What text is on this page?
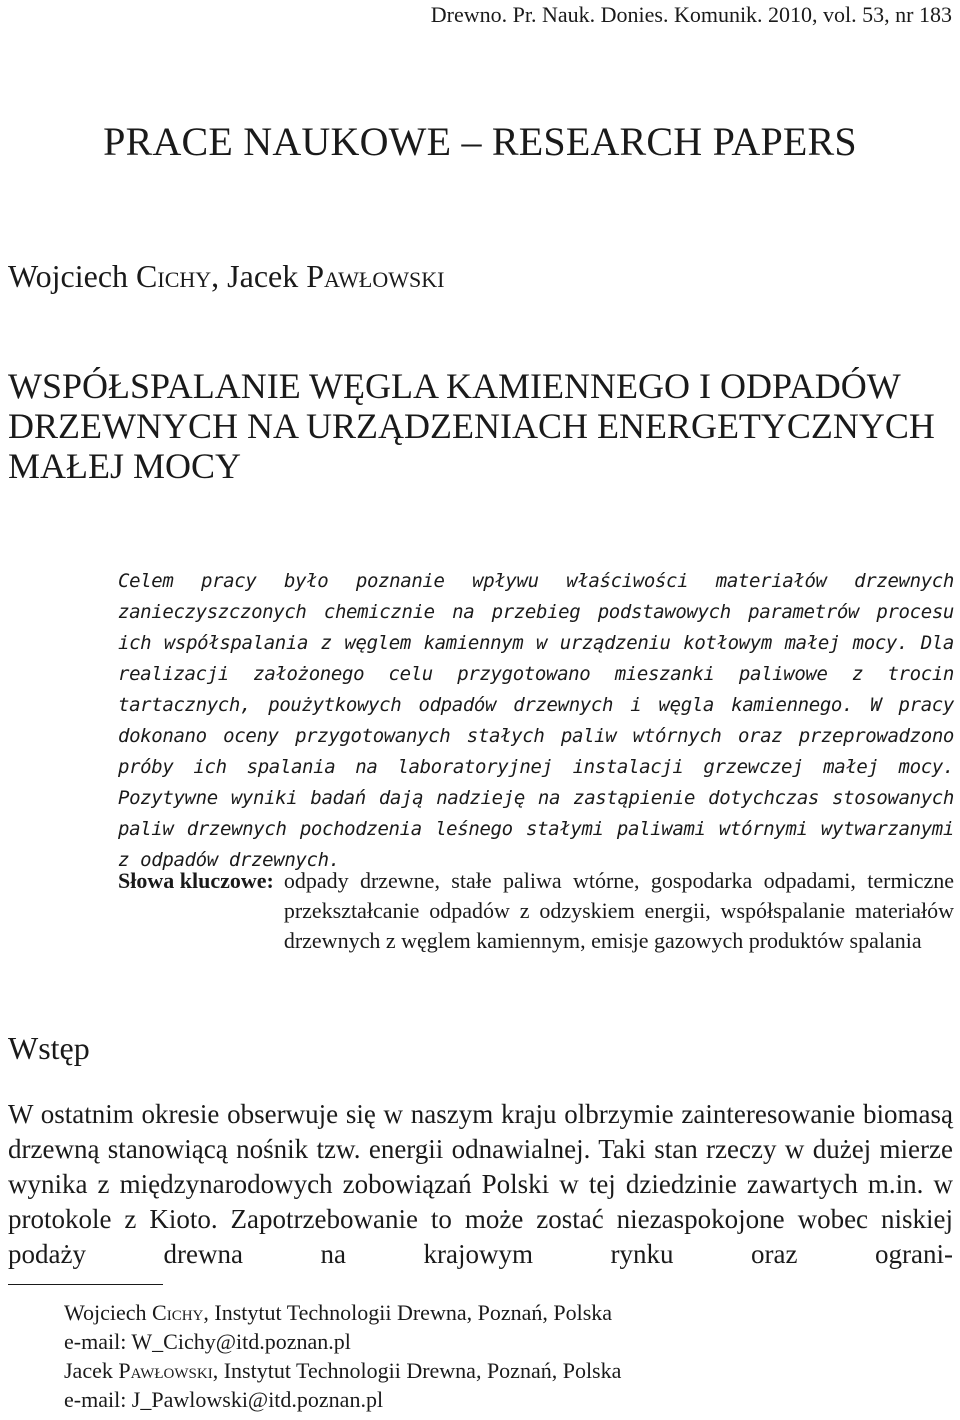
Drewno. Pr. Nauk. Donies. Komunik. 2010, vol. 53, nr 183
PRACE NAUKOWE – RESEARCH PAPERS
Wojciech Cichy, Jacek Pawłowski
WSPÓŁSPALANIE WĘGLA KAMIENNEGO I ODPADÓW
DRZEWNYCH NA URZĄDZENIACH ENERGETYCZNYCH
MAŁEJ MOCY

Celem pracy było poznanie wpływu właściwości materiałów drzewnych zanieczyszczonych chemicznie na przebieg podstawowych parametrów procesu ich współspalania z węglem kamiennym w urządzeniu kotłowym małej mocy. Dla realizacji założonego celu przygotowano mieszanki paliwowe z trocin tartacznych, poużytkowych odpadów drzewnych i węgla kamiennego. W pracy dokonano oceny przygotowanych stałych paliw wtórnych oraz przeprowadzono próby ich spalania na laboratoryjnej instalacji grzewczej małej mocy. Pozytywne wyniki badań dają nadzieję na zastąpienie dotychczas stosowanych paliw drzewnych pochodzenia leśnego stałymi paliwami wtórnymi wytwarzanymi z odpadów drzewnych.

Słowa kluczowe: odpady drzewne, stałe paliwa wtórne, gospodarka odpadami, termiczne przekształcanie odpadów z odzyskiem energii, współspalanie materiałów drzewnych z węglem kamiennym, emisje gazowych produktów spalania
Wstęp

W ostatnim okresie obserwuje się w naszym kraju olbrzymie zainteresowanie biomasą drzewną stanowiącą nośnik tzw. energii odnawialnej. Taki stan rzeczy w dużej mierze wynika z międzynarodowych zobowiązań Polski w tej dziedzinie zawartych m.in. w protokole z Kioto. Zapotrzebowanie to może zostać niezaspokojone wobec niskiej podaży drewna na krajowym rynku oraz ograni-

Wojciech Cichy, Instytut Technologii Drewna, Poznań, Polska
e-mail: W_Cichy@itd.poznan.pl
Jacek Pawłowski, Instytut Technologii Drewna, Poznań, Polska
e-mail: J_Pawlowski@itd.poznan.pl
